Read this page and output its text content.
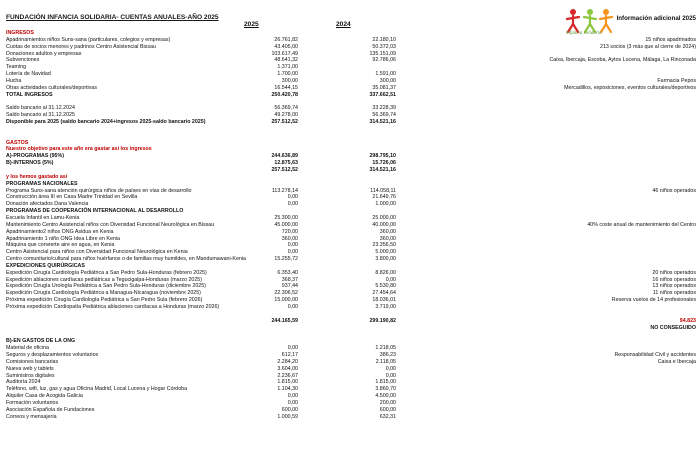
FUNDACIÓN INFANCIA SOLIDARIA- CUENTAS ANUALES-AÑO 2025
2025	2024
infancia solidaria
Información adicional 2025
INGRESOS
Apadrinamientos niños Suns-sana (particulares, colegios y empresas)	26.761,82	22.180,10	15 niños apadrinados
Cuotas de socios menores y padrinos Centro Asistencial Bissau	43.405,00	50.372,03	213 socios (3 más que al cierre de 2024)
Donaciones adultos y empresas	103.617,49	135.151,09
Subvenciones	48.641,32	92.786,06	Caixa, Ibercaja, Escoba, Aytos Lucena, Málaga, La Rinconada
Teaming	1.371,00
Lotería de Navidad	1.700,00	1.591,00
Hucha	300,00	300,00	Farmacia Pepos
Otras actividades culturales/deportivas	16.544,15	35.081,37	Mercadillos, exposiciones, eventos culturales/deportivos
TOTAL INGRESOS	250.420,78	337.662,51
Saldo bancario al 31.12.2024	56.369,74	33.228,39
Saldo bancario al 31.12.2025	49.278,00	56.369,74
Disponible para 2025 (saldo bancario 2024+ingresos 2025-saldo bancario 2025)	257.512,52	314.521,16
GASTOS
Nuestro objetivo para este año era gastar así los ingresos
A)-PROGRAMAS (95%)	244.636,89	298.795,10
B)-INTERNOS (5%)	12.875,63	15.726,06
257.512,52	314.521,16
y los hemos gastado así
PROGRAMAS NACIONALES
Programa Suns-sana atención quirúrgica niños de países en vías de desarrollo	113.278,14	114.058,11	46 niños operados
Construcción área III en Casa Madre Trinidad en Sevilla	0,00	21.649,76
Donación afectados Dana Valencia	0,00	1.000,00
PROGRAMAS DE COOPERACIÓN INTERNACIONAL AL DESARROLLO
Escuela Infantil en Lamu-Kenia	25.300,00	25.000,00
Mantenimiento Centro Asistencial niños con Diversidad Funcional Neurológica en Bissau	45.000,00	40.000,00	40% coste anual de mantenimiento del Centro
Apadrinamiento2 niños ONG Asidua en Kenia	720,00	360,00
Apadrinamiento 1 niño ONG Idea Libre en Kenia	360,00	360,00
Máquina que convierte aire en agua, en Kenia	0,00	23.356,50
Centro Asistencial para niños con Diversidad Funcional Neurológica en Kenia	0,00	5.000,00
Centro comunitario/cultural para niños huérfanos o de familias muy humildes, en Mandumawani-Kenia	15.255,72	3.800,00
EXPEDICIONES QUIRÚRGICAS
Expedición Cirugía Cardiología Pediátrica a San Pedro Sula-Honduras (febrero 2025)	6.353,40	8.826,00	20 niños operados
Expedición ablaciones cardíacas pediátricas a Tegucigalpa-Honduras (marzo 2025)	368,37	0,00	16 niños operados
Expedición Cirugía Urología Pediátrica a San Pedro Sula-Honduras (diciembre 2025)	937,44	5.530,80	13 niños operados
Expedición Cirugía Cardiología Pediátrica a Managua-Nicaragua (noviembre 2025)	22.306,52	27.454,64	11 niños operados
Próxima expedición Cirugía Cardiología Pediátrica a San Pedro Sula (febrero 2026)	15.000,00	18.036,01	Reserva vuelos de 14 profesionales
Próxima expedición Cardiopatía Pediátrica ablaciones cardíacas a Honduras (marzo 2026)	0,00	3.719,00
244.165,59	299.190,82	94.823
NO CONSEGUIDO
B)-EN GASTOS DE LA ONG
Material de oficina	0,00	1.218,05
Seguros y desplazamientos voluntarios	612,17	386,23	Responsabilidad Civil y accidentes
Comisiones bancarias	2.284,20	2.118,05	Caixa e Ibercaja
Nueva web y tablets	3.604,00	0,00
Suministros digitales	2.236,67	0,00
Auditoría 2024	1.815,00	1.815,00
Teléfono, wifi, luz, gas y agua Oficina Madrid, Local Lucena y Hogar Córdoba	1.104,30	3.860,70
Alquiler Casa de Acogida Galicia	0,00	4.500,00
Formación voluntarios	0,00	200,00
Asociación Española de Fundaciones	600,00	600,00
Correos y mensajería	1.000,59	632,31
